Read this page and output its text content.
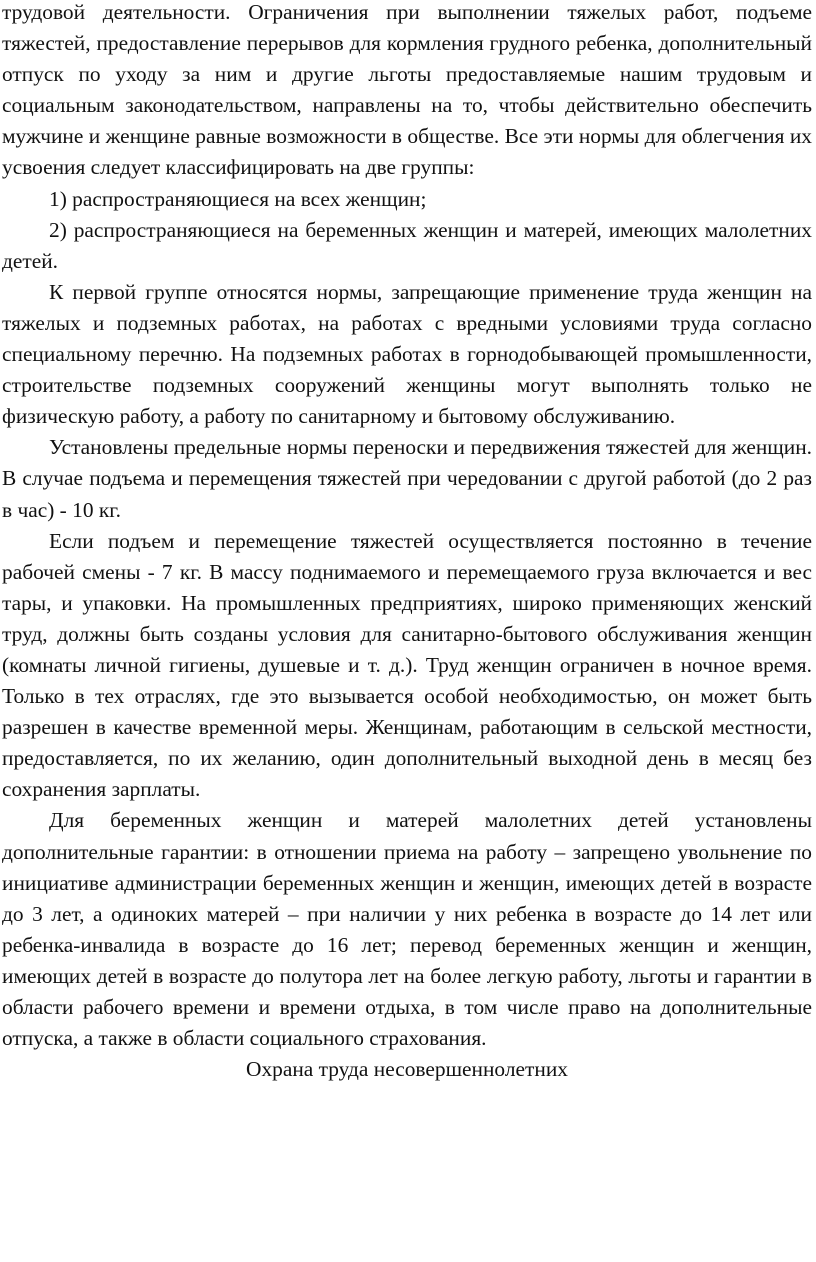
трудовой деятельности. Ограничения при выполнении тяжелых работ, подъеме тяжестей, предоставление перерывов для кормления грудного ребенка, дополнительный отпуск по уходу за ним и другие льготы предоставляемые нашим трудовым и социальным законодательством, направлены на то, чтобы действительно обеспечить мужчине и женщине равные возможности в обществе. Все эти нормы для облегчения их усвоения следует классифицировать на две группы:

1) распространяющиеся на всех женщин;

2) распространяющиеся на беременных женщин и матерей, имеющих малолетних детей.

К первой группе относятся нормы, запрещающие применение труда женщин на тяжелых и подземных работах, на работах с вредными условиями труда согласно специальному перечню. На подземных работах в горнодобывающей промышленности, строительстве подземных сооружений женщины могут выполнять только не физическую работу, а работу по санитарному и бытовому обслуживанию.

Установлены предельные нормы переноски и передвижения тяжестей для женщин. В случае подъема и перемещения тяжестей при чередовании с другой работой (до 2 раз в час) - 10 кг.

Если подъем и перемещение тяжестей осуществляется постоянно в течение рабочей смены - 7 кг. В массу поднимаемого и перемещаемого груза включается и вес тары, и упаковки. На промышленных предприятиях, широко применяющих женский труд, должны быть созданы условия для санитарно-бытового обслуживания женщин (комнаты личной гигиены, душевые и т. д.). Труд женщин ограничен в ночное время. Только в тех отраслях, где это вызывается особой необходимостью, он может быть разрешен в качестве временной меры. Женщинам, работающим в сельской местности, предоставляется, по их желанию, один дополнительный выходной день в месяц без сохранения зарплаты.

Для беременных женщин и матерей малолетних детей установлены дополнительные гарантии: в отношении приема на работу – запрещено увольнение по инициативе администрации беременных женщин и женщин, имеющих детей в возрасте до 3 лет, а одиноких матерей – при наличии у них ребенка в возрасте до 14 лет или ребенка-инвалида в возрасте до 16 лет; перевод беременных женщин и женщин, имеющих детей в возрасте до полутора лет на более легкую работу, льготы и гарантии в области рабочего времени и времени отдыха, в том числе право на дополнительные отпуска, а также в области социального страхования.

Охрана труда несовершеннолетних
